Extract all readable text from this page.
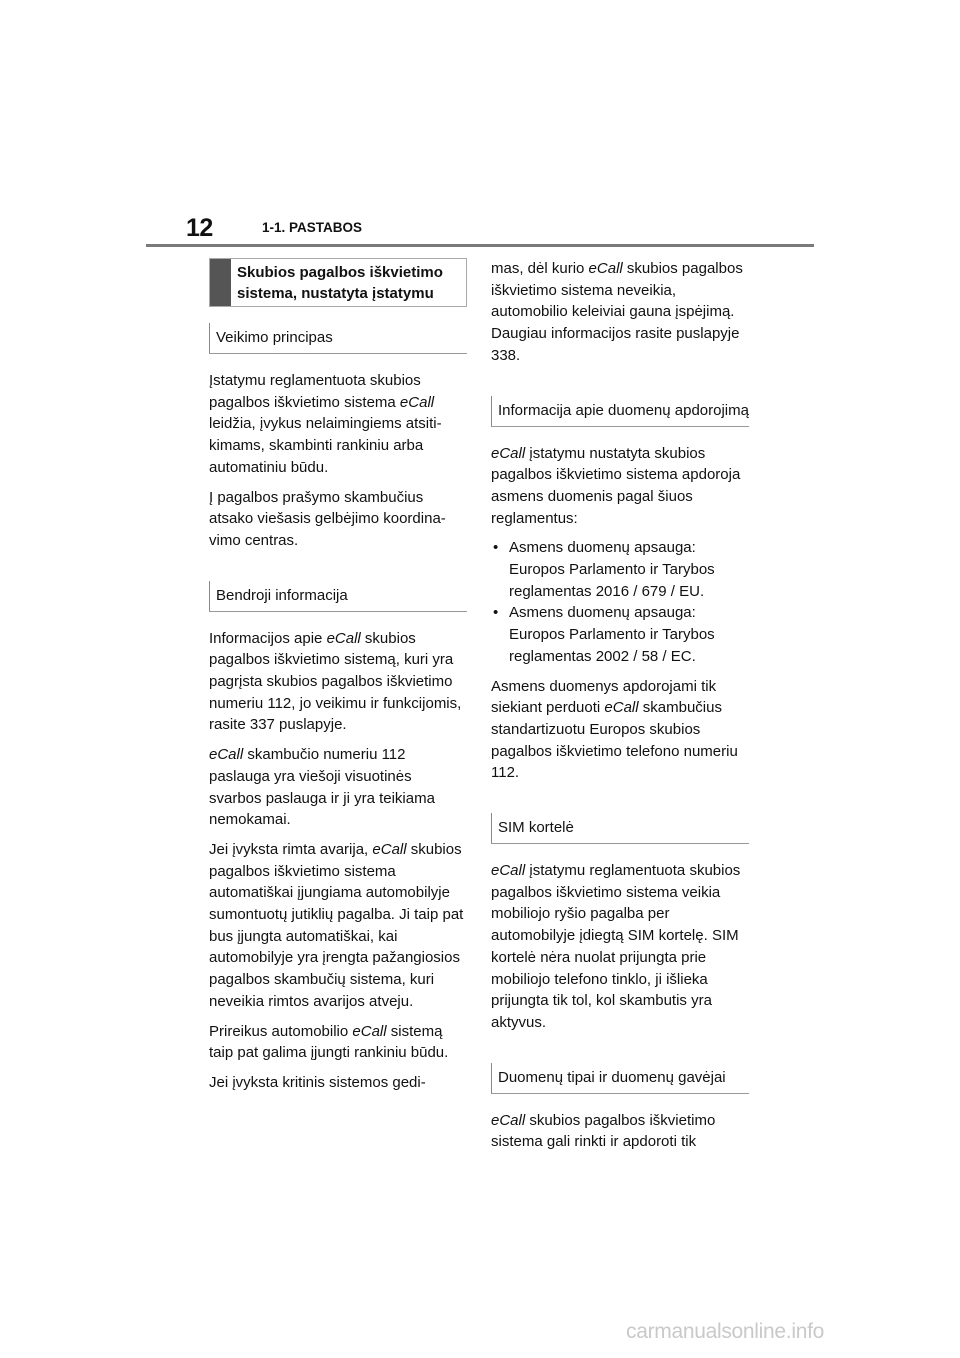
12	1-1. PASTABOS
Skubios pagalbos iškvietimo sistema, nustatyta įstatymu
Veikimo principas

Įstatymu reglamentuota skubios pagalbos iškvietimo sistema eCall leidžia, įvykus nelaimingiems atsitikimams, skambinti rankiniu arba automatiniu būdu.

Į pagalbos prašymo skambučius atsako viešasis gelbėjimo koordinavimo centras.

Bendroji informacija

Informacijos apie eCall skubios pagalbos iškvietimo sistemą, kuri yra pagrįsta skubios pagalbos iškvietimo numeriu 112, jo veikimu ir funkcijomis, rasite 337 puslapyje.

eCall skambučio numeriu 112 paslauga yra viešoji visuotinės svarbos paslauga ir ji yra teikiama nemokamai.

Jei įvyksta rimta avarija, eCall skubios pagalbos iškvietimo sistema automatiškai įjungiama automobilyje sumontuotų jutiklių pagalba. Ji taip pat bus įjungta automatiškai, kai automobilyje yra įrengta pažangiosios pagalbos skambučių sistema, kuri neveikia rimtos avarijos atveju.

Prireikus automobilio eCall sistemą taip pat galima įjungti rankiniu būdu.

Jei įvyksta kritinis sistemos gedi-

mas, dėl kurio eCall skubios pagalbos iškvietimo sistema neveikia, automobilio keleiviai gauna įspėjimą. Daugiau informacijos rasite puslapyje 338.

Informacija apie duomenų apdorojimą

eCall įstatymu nustatyta skubios pagalbos iškvietimo sistema apdoroja asmens duomenis pagal šiuos reglamentus:

• Asmens duomenų apsauga: Europos Parlamento ir Tarybos reglamentas 2016 / 679 / EU.
• Asmens duomenų apsauga: Europos Parlamento ir Tarybos reglamentas 2002 / 58 / EC.

Asmens duomenys apdorojami tik siekiant perduoti eCall skambučius standartizuotu Europos skubios pagalbos iškvietimo telefono numeriu 112.

SIM kortelė

eCall įstatymu reglamentuota skubios pagalbos iškvietimo sistema veikia mobiliojo ryšio pagalba per automobilyje įdiegtą SIM kortelę. SIM kortelė nėra nuolat prijungta prie mobiliojo telefono tinklo, ji išlieka prijungta tik tol, kol skambutis yra aktyvus.

Duomenų tipai ir duomenų gavėjai

eCall skubios pagalbos iškvietimo sistema gali rinkti ir apdoroti tik

carmanualsonline.info
